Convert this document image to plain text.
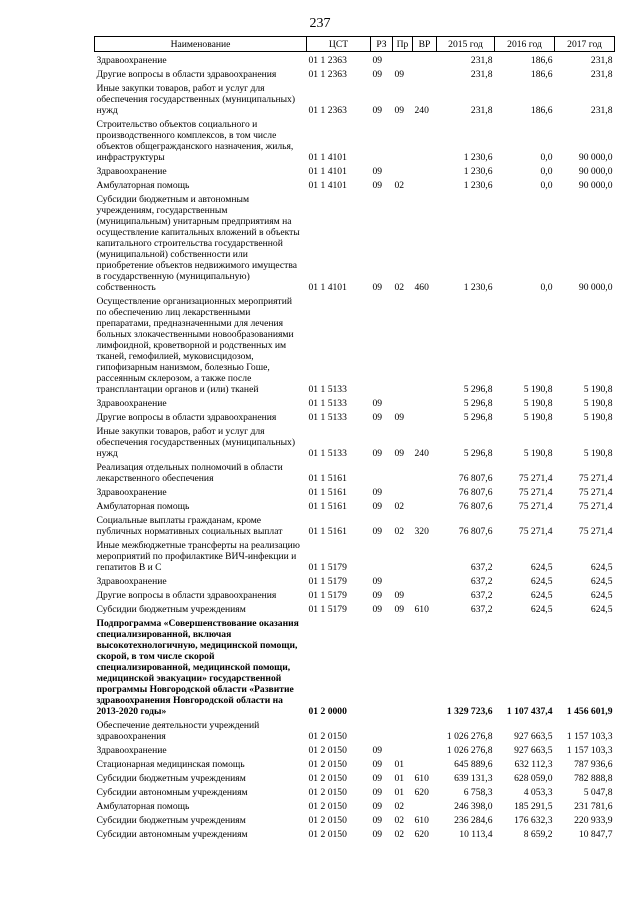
237
Наименование	ЦСТ	РЗ	Пр	ВР	2015 год	2016 год	2017 год
Здравоохранение	01 1 2363	09			231,8	186,6	231,8
Другие вопросы в области здравоохранения	01 1 2363	09	09		231,8	186,6	231,8
Иные закупки товаров, работ и услуг для обеспечения государственных (муниципальных) нужд	01 1 2363	09	09	240	231,8	186,6	231,8
Строительство объектов социального и производственного комплексов, в том числе объектов общегражданского назначения, жилья, инфраструктуры	01 1 4101				1 230,6	0,0	90 000,0
Здравоохранение	01 1 4101	09			1 230,6	0,0	90 000,0
Амбулаторная помощь	01 1 4101	09	02		1 230,6	0,0	90 000,0
Субсидии бюджетным и автономным учреждениям, государственным (муниципальным) унитарным предприятиям на осуществление капитальных вложений в объекты капитального строительства государственной (муниципальной) собственности или приобретение объектов недвижимого имущества в государственную (муниципальную) собственность	01 1 4101	09	02	460	1 230,6	0,0	90 000,0
Осуществление организационных мероприятий по обеспечению лиц лекарственными препаратами, предназначенными для лечения больных злокачественными новообразованиями лимфоидной, кроветворной и родственных им тканей, гемофилией, муковисцидозом, гипофизарным нанизмом, болезнью Гоше, рассеянным склерозом, а также после трансплантации органов и (или) тканей	01 1 5133				5 296,8	5 190,8	5 190,8
Здравоохранение	01 1 5133	09			5 296,8	5 190,8	5 190,8
Другие вопросы в области здравоохранения	01 1 5133	09	09		5 296,8	5 190,8	5 190,8
Иные закупки товаров, работ и услуг для обеспечения государственных (муниципальных) нужд	01 1 5133	09	09	240	5 296,8	5 190,8	5 190,8
Реализация отдельных полномочий в области лекарственного обеспечения	01 1 5161				76 807,6	75 271,4	75 271,4
Здравоохранение	01 1 5161	09			76 807,6	75 271,4	75 271,4
Амбулаторная помощь	01 1 5161	09	02		76 807,6	75 271,4	75 271,4
Социальные выплаты гражданам, кроме публичных нормативных социальных выплат	01 1 5161	09	02	320	76 807,6	75 271,4	75 271,4
Иные межбюджетные трансферты на реализацию мероприятий по профилактике ВИЧ-инфекции и гепатитов В и С	01 1 5179				637,2	624,5	624,5
Здравоохранение	01 1 5179	09			637,2	624,5	624,5
Другие вопросы в области здравоохранения	01 1 5179	09	09		637,2	624,5	624,5
Субсидии бюджетным учреждениям	01 1 5179	09	09	610	637,2	624,5	624,5
Подпрограмма «Совершенствование оказания специализированной, включая высокотехнологичную, медицинской помощи, скорой, в том числе скорой специализированной, медицинской помощи, медицинской эвакуации» государственной программы Новгородской области «Развитие здравоохранения Новгородской области на 2013-2020 годы»	01 2 0000				1 329 723,6	1 107 437,4	1 456 601,9
Обеспечение деятельности учреждений здравоохранения	01 2 0150				1 026 276,8	927 663,5	1 157 103,3
Здравоохранение	01 2 0150	09			1 026 276,8	927 663,5	1 157 103,3
Стационарная медицинская помощь	01 2 0150	09	01		645 889,6	632 112,3	787 936,6
Субсидии бюджетным учреждениям	01 2 0150	09	01	610	639 131,3	628 059,0	782 888,8
Субсидии автономным учреждениям	01 2 0150	09	01	620	6 758,3	4 053,3	5 047,8
Амбулаторная помощь	01 2 0150	09	02		246 398,0	185 291,5	231 781,6
Субсидии бюджетным учреждениям	01 2 0150	09	02	610	236 284,6	176 632,3	220 933,9
Субсидии автономным учреждениям	01 2 0150	09	02	620	10 113,4	8 659,2	10 847,7
